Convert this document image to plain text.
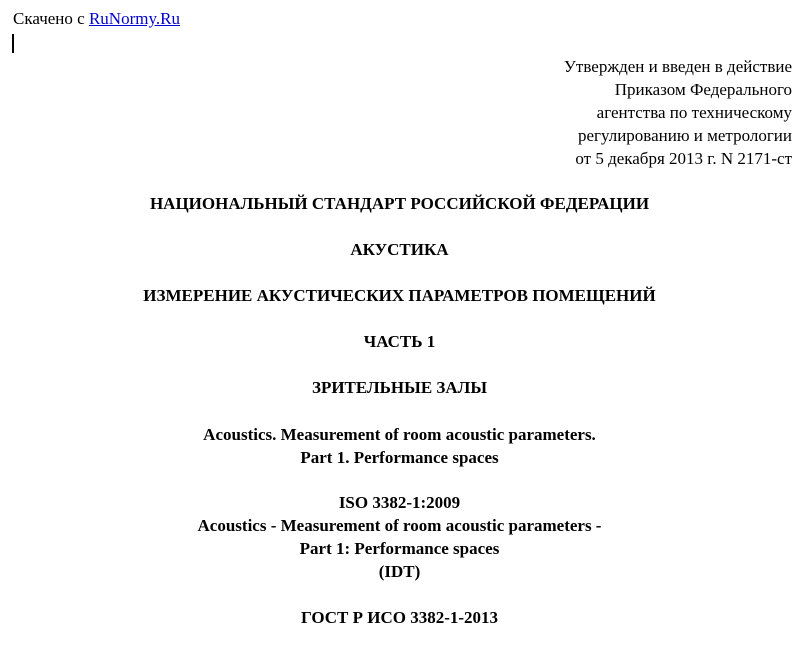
Скачено с RuNormy.Ru
Утвержден и введен в действие
Приказом Федерального
агентства по техническому
регулированию и метрологии
от 5 декабря 2013 г. N 2171-ст
НАЦИОНАЛЬНЫЙ СТАНДАРТ РОССИЙСКОЙ ФЕДЕРАЦИИ
АКУСТИКА
ИЗМЕРЕНИЕ АКУСТИЧЕСКИХ ПАРАМЕТРОВ ПОМЕЩЕНИЙ
ЧАСТЬ 1
ЗРИТЕЛЬНЫЕ ЗАЛЫ
Acoustics. Measurement of room acoustic parameters.
Part 1. Performance spaces
ISO 3382-1:2009
Acoustics - Measurement of room acoustic parameters -
Part 1: Performance spaces
(IDT)
ГОСТ Р ИСО 3382-1-2013
